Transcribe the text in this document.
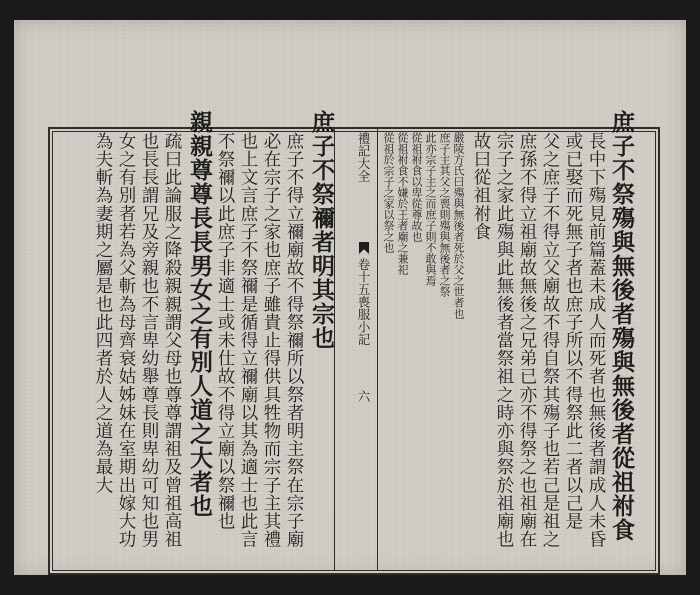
庶子不祭殤與無後者殤與無後者從祖祔食
長中下殤見前篇蓋未成人而死者也無後者謂成人未昏
或已娶而死無子者也庶子所以不得祭此二者以己是
父之庶子不得立父廟故不得自祭其殤子也若己是祖之
庶孫不得立祖廟故無後之兄弟已亦不得祭之也祖廟在
宗子之家此殤與此無後者當祭祖之時亦與祭於祖廟也
故曰從祖祔食
嚴陵方氏曰殤與無後者死於父之世者也
庶子主其父之喪則殤與無後者之祭
此亦宗子主之而庶子則不敢與焉
從祖祔食以卑從尊故也
從祖祔食不嫌於王者廟之兼祀
從祖於宗子之家以祭之也
禮記大全
卷十五喪服小記
六
庶子不祭禰者明其宗也
庶子不得立禰廟故不得祭禰所以祭者明主祭在宗子廟
必在宗子之家也庶子雖貴止得供具牲物而宗子主其禮
也上文言庶子不祭禰是循得立禰廟以其為適士也此言
不祭禰以此庶子非適士或未仕故不得立廟以祭禰也
親親尊尊長長男女之有別人道之大者也
疏曰此論服之降殺親親謂父母也尊尊謂祖及曾祖高祖
也長長謂兄及旁親也不言卑幼舉尊長則卑幼可知也男
女之有別者若為父斬為母齊衰姑姊妹在室期出嫁大功
為夫斬為妻期之屬是也此四者於人之道為最大
